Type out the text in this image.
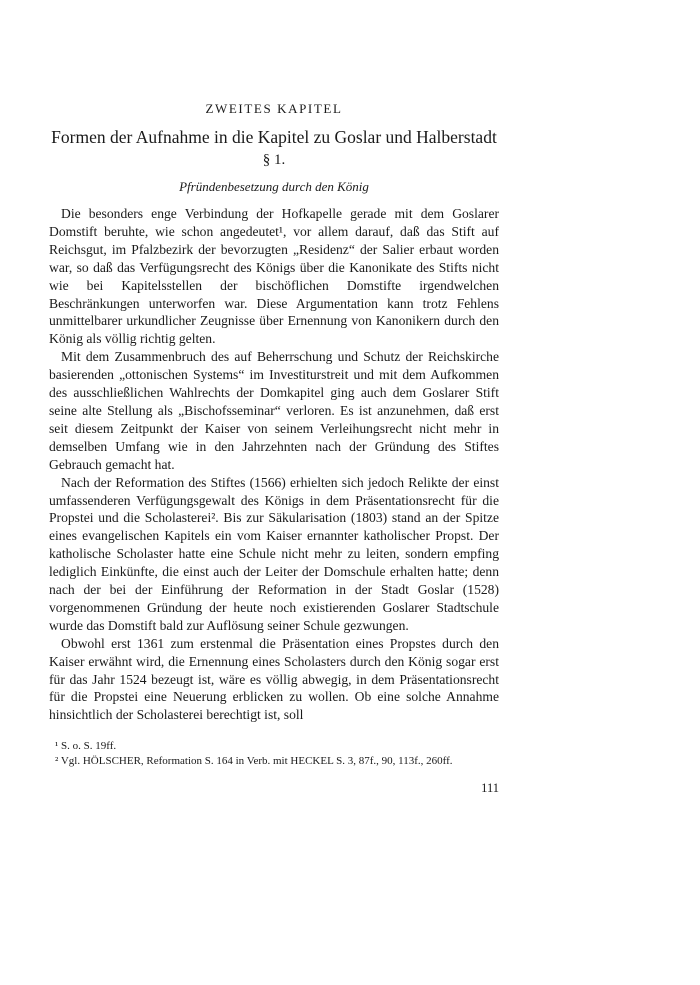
ZWEITES KAPITEL
Formen der Aufnahme in die Kapitel zu Goslar und Halberstadt
§ 1.
Pfründenbesetzung durch den König

Die besonders enge Verbindung der Hofkapelle gerade mit dem Goslarer Domstift beruhte, wie schon angedeutet¹, vor allem darauf, daß das Stift auf Reichsgut, im Pfalzbezirk der bevorzugten „Residenz“ der Salier erbaut worden war, so daß das Verfügungsrecht des Königs über die Kanonikate des Stifts nicht wie bei Kapitelsstellen der bischöflichen Domstifte irgendwelchen Beschränkungen unterworfen war. Diese Argumentation kann trotz Fehlens unmittelbarer urkundlicher Zeugnisse über Ernennung von Kanonikern durch den König als völlig richtig gelten.

Mit dem Zusammenbruch des auf Beherrschung und Schutz der Reichskirche basierenden „ottonischen Systems“ im Investiturstreit und mit dem Aufkommen des ausschließlichen Wahlrechts der Domkapitel ging auch dem Goslarer Stift seine alte Stellung als „Bischofsseminar“ verloren. Es ist anzunehmen, daß erst seit diesem Zeitpunkt der Kaiser von seinem Verleihungsrecht nicht mehr in demselben Umfang wie in den Jahrzehnten nach der Gründung des Stiftes Gebrauch gemacht hat.

Nach der Reformation des Stiftes (1566) erhielten sich jedoch Relikte der einst umfassenderen Verfügungsgewalt des Königs in dem Präsentationsrecht für die Propstei und die Scholasterei². Bis zur Säkularisation (1803) stand an der Spitze eines evangelischen Kapitels ein vom Kaiser ernannter katholischer Propst. Der katholische Scholaster hatte eine Schule nicht mehr zu leiten, sondern empfing lediglich Einkünfte, die einst auch der Leiter der Domschule erhalten hatte; denn nach der bei der Einführung der Reformation in der Stadt Goslar (1528) vorgenommenen Gründung der heute noch existierenden Goslarer Stadtschule wurde das Domstift bald zur Auflösung seiner Schule gezwungen.

Obwohl erst 1361 zum erstenmal die Präsentation eines Propstes durch den Kaiser erwähnt wird, die Ernennung eines Scholasters durch den König sogar erst für das Jahr 1524 bezeugt ist, wäre es völlig abwegig, in dem Präsentationsrecht für die Propstei eine Neuerung erblicken zu wollen. Ob eine solche Annahme hinsichtlich der Scholasterei berechtigt ist, soll

¹ S. o. S. 19ff.

² Vgl. HÖLSCHER, Reformation S. 164 in Verb. mit HECKEL S. 3, 87f., 90, 113f., 260ff.

111
